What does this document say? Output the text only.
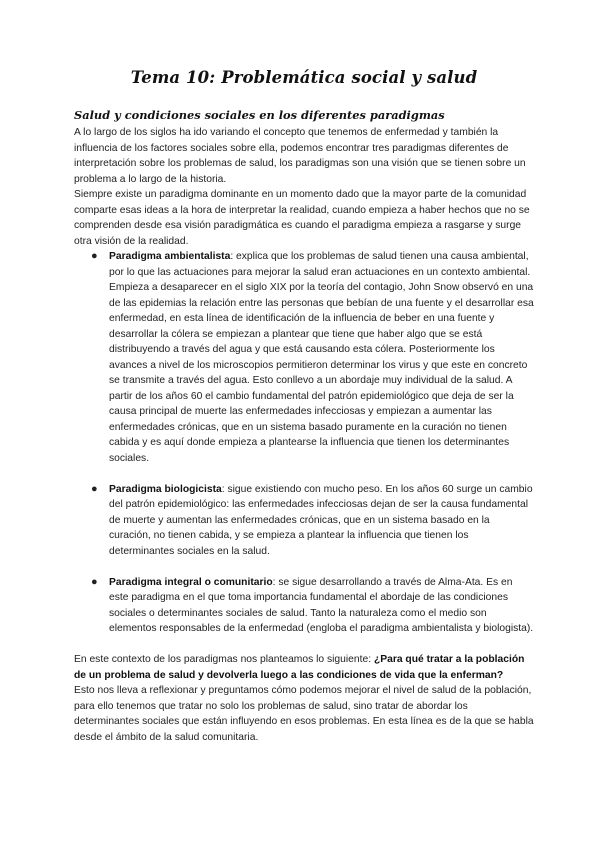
Tema 10: Problemática social y salud
Salud y condiciones sociales en los diferentes paradigmas

A lo largo de los siglos ha ido variando el concepto que tenemos de enfermedad y también la influencia de los factores sociales sobre ella, podemos encontrar tres paradigmas diferentes de interpretación sobre los problemas de salud, los paradigmas son una visión que se tienen sobre un problema a lo largo de la historia.

Siempre existe un paradigma dominante en un momento dado que la mayor parte de la comunidad comparte esas ideas a la hora de interpretar la realidad, cuando empieza a haber hechos que no se comprenden desde esa visión paradigmática es cuando el paradigma empieza a rasgarse y surge otra visión de la realidad.

● Paradigma ambientalista: explica que los problemas de salud tienen una causa ambiental, por lo que las actuaciones para mejorar la salud eran actuaciones en un contexto ambiental. Empieza a desaparecer en el siglo XIX por la teoría del contagio, John Snow observó en una de las epidemias la relación entre las personas que bebían de una fuente y el desarrollar esa enfermedad, en esta línea de identificación de la influencia de beber en una fuente y desarrollar la cólera se empiezan a plantear que tiene que haber algo que se está distribuyendo a través del agua y que está causando esta cólera. Posteriormente los avances a nivel de los microscopios permitieron determinar los virus y que este en concreto se transmite a través del agua. Esto conllevo a un abordaje muy individual de la salud. A partir de los años 60 el cambio fundamental del patrón epidemiológico que deja de ser la causa principal de muerte las enfermedades infecciosas y empiezan a aumentar las enfermedades crónicas, que en un sistema basado puramente en la curación no tienen cabida y es aquí donde empieza a plantearse la influencia que tienen los determinantes sociales.
● Paradigma biologicista: sigue existiendo con mucho peso. En los años 60 surge un cambio del patrón epidemiológico: las enfermedades infecciosas dejan de ser la causa fundamental de muerte y aumentan las enfermedades crónicas, que en un sistema basado en la curación, no tienen cabida, y se empieza a plantear la influencia que tienen los determinantes sociales en la salud.
● Paradigma integral o comunitario: se sigue desarrollando a través de Alma-Ata. Es en este paradigma en el que toma importancia fundamental el abordaje de las condiciones sociales o determinantes sociales de salud. Tanto la naturaleza como el medio son elementos responsables de la enfermedad (engloba el paradigma ambientalista y biologista).

En este contexto de los paradigmas nos planteamos lo siguiente: ¿Para qué tratar a la población de un problema de salud y devolverla luego a las condiciones de vida que la enferman?

Esto nos lleva a reflexionar y preguntamos cómo podemos mejorar el nivel de salud de la población, para ello tenemos que tratar no solo los problemas de salud, sino tratar de abordar los determinantes sociales que están influyendo en esos problemas. En esta línea es de la que se habla desde el ámbito de la salud comunitaria.
